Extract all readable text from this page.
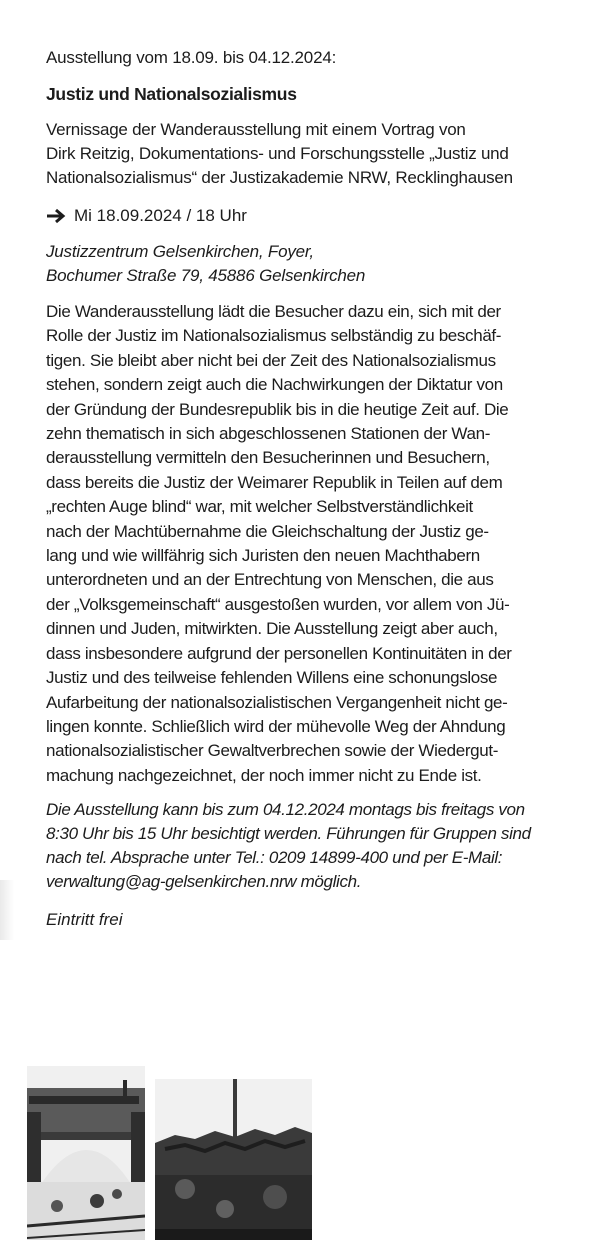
Ausstellung vom 18.09. bis 04.12.2024:

Justiz und Nationalsozialismus

Vernissage der Wanderausstellung mit einem Vortrag von
Dirk Reitzig, Dokumentations- und Forschungsstelle „Justiz und
Nationalsozialismus“ der Justizakademie NRW, Recklinghausen

Mi 18.09.2024 / 18 Uhr

Justizzentrum Gelsenkirchen, Foyer,
Bochumer Straße 79, 45886 Gelsenkirchen

Die Wanderausstellung lädt die Besucher dazu ein, sich mit der
Rolle der Justiz im Nationalsozialismus selbständig zu beschäf-
tigen. Sie bleibt aber nicht bei der Zeit des Nationalsozialismus
stehen, sondern zeigt auch die Nachwirkungen der Diktatur von
der Gründung der Bundesrepublik bis in die heutige Zeit auf. Die
zehn thematisch in sich abgeschlossenen Stationen der Wan-
derausstellung vermitteln den Besucherinnen und Besuchern,
dass bereits die Justiz der Weimarer Republik in Teilen auf dem
„rechten Auge blind“ war, mit welcher Selbstverständlichkeit
nach der Machtübernahme die Gleichschaltung der Justiz ge-
lang und wie willfährig sich Juristen den neuen Machthabern
unterordneten und an der Entrechtung von Menschen, die aus
der „Volksgemeinschaft“ ausgestoßen wurden, vor allem von Jü-
dinnen und Juden, mitwirkten. Die Ausstellung zeigt aber auch,
dass insbesondere aufgrund der personellen Kontinuitäten in der
Justiz und des teilweise fehlenden Willens eine schonungslose
Aufarbeitung der nationalsozialistischen Vergangenheit nicht ge-
lingen konnte. Schließlich wird der mühevolle Weg der Ahndung
nationalsozialistischer Gewaltverbrechen sowie der Wiedergut-
machung nachgezeichnet, der noch immer nicht zu Ende ist.

Die Ausstellung kann bis zum 04.12.2024 montags bis freitags von
8:30 Uhr bis 15 Uhr besichtigt werden. Führungen für Gruppen sind
nach tel. Absprache unter Tel.: 0209 14899-400 und per E-Mail:
verwaltung@ag-gelsenkirchen.nrw möglich.

Eintritt frei
